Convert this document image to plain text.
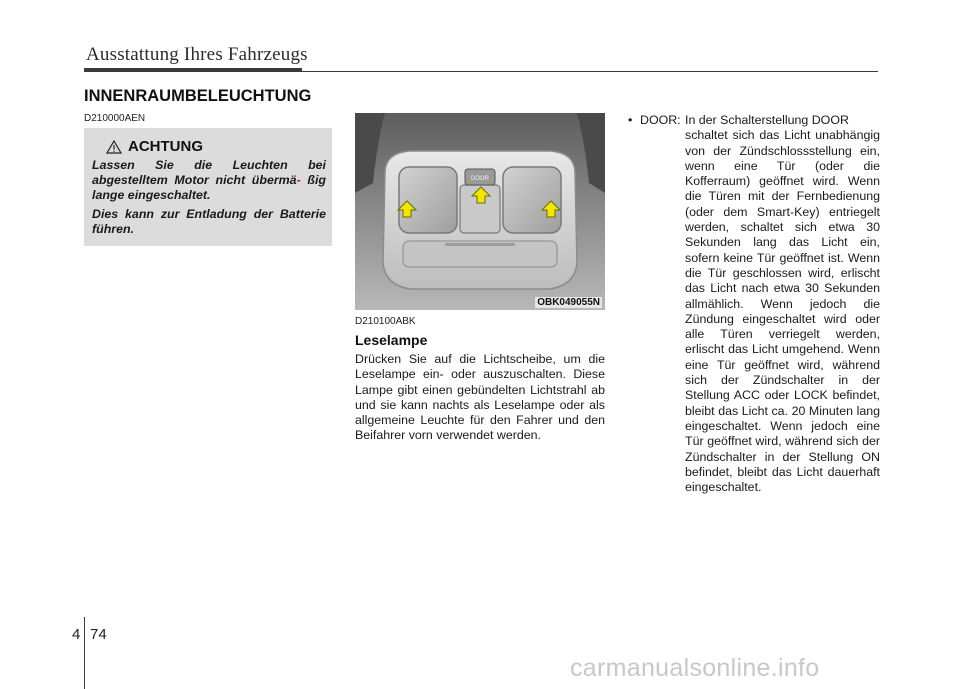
Ausstattung Ihres Fahrzeugs
INNENRAUMBELEUCHTUNG
D210000AEN
ACHTUNG

Lassen Sie die Leuchten bei abgestelltem Motor nicht übermä- ßig lange eingeschaltet.

Dies kann zur Entladung der Batterie führen.

DOOR
OBK049055N
D210100ABK
Leselampe
Drücken Sie auf die Lichtscheibe, um die Leselampe ein- oder auszuschalten. Diese Lampe gibt einen gebündelten Lichtstrahl ab und sie kann nachts als Leselampe oder als allgemeine Leuchte für den Fahrer und den Beifahrer vorn verwendet werden.
• DOOR: In der Schalterstellung DOOR
schaltet sich das Licht unabhängig von der Zündschlossstellung ein, wenn eine Tür (oder die Kofferraum) geöffnet wird. Wenn die Türen mit der Fernbedienung (oder dem Smart-Key) entriegelt werden, schaltet sich etwa 30 Sekunden lang das Licht ein, sofern keine Tür geöffnet ist. Wenn die Tür geschlossen wird, erlischt das Licht nach etwa 30 Sekunden allmählich. Wenn jedoch die Zündung eingeschaltet wird oder alle Türen verriegelt werden, erlischt das Licht umgehend. Wenn eine Tür geöffnet wird, während sich der Zündschalter in der Stellung ACC oder LOCK befindet, bleibt das Licht ca. 20 Minuten lang eingeschaltet. Wenn jedoch eine Tür geöffnet wird, während sich der Zündschalter in der Stellung ON befindet, bleibt das Licht dauerhaft eingeschaltet.
4 74
carmanualsonline.info
